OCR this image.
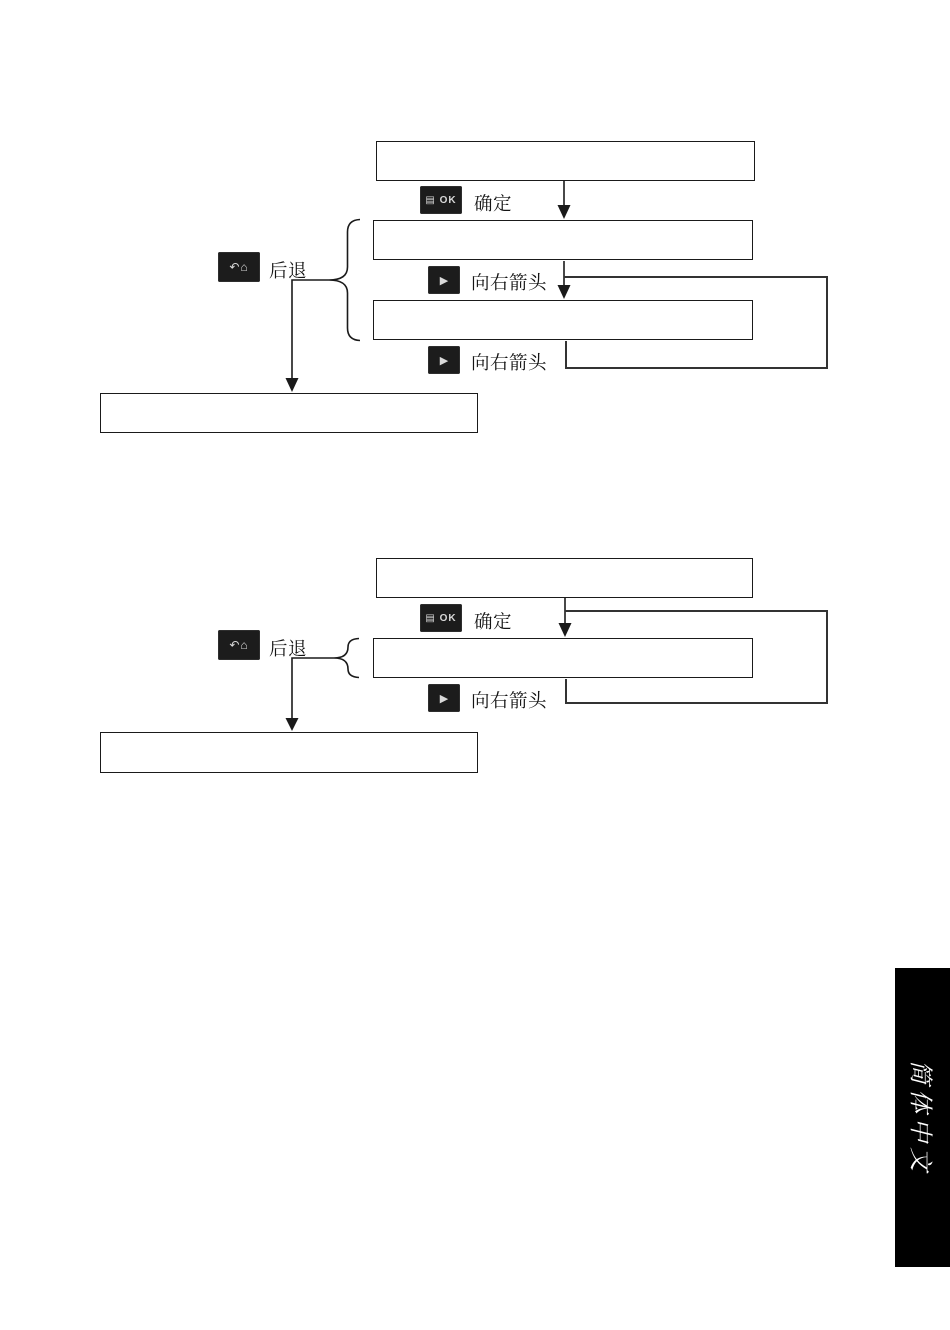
▤ OK 确定
▶ 向右箭头
▶ 向右箭头
↶⌂ 后退
▤ OK 确定
▶ 向右箭头
↶⌂ 后退
简体中文
